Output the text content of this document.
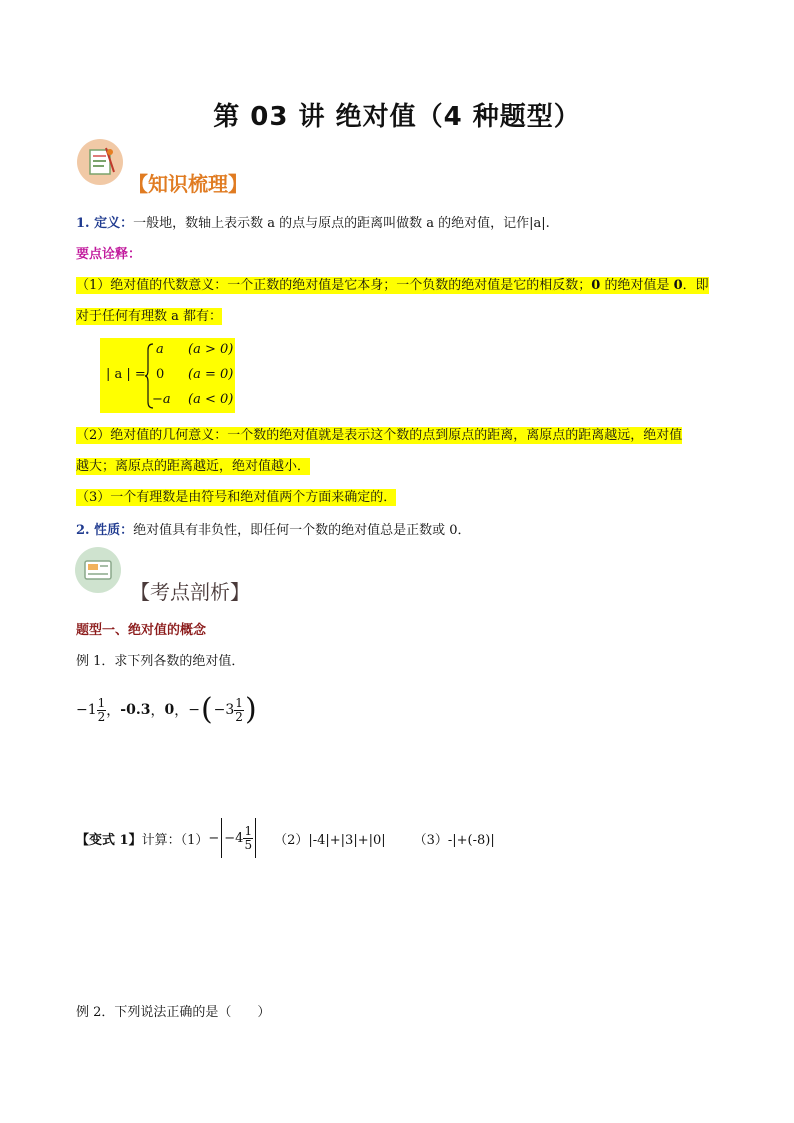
第 03 讲 绝对值（4 种题型）
【知识梳理】
1. 定义：一般地，数轴上表示数 a 的点与原点的距离叫做数 a 的绝对值，记作|a|.
要点诠释：
（1）绝对值的代数意义：一个正数的绝对值是它本身；一个负数的绝对值是它的相反数；0 的绝对值是 0．即
对于任何有理数 a 都有：
| a | =
a (a > 0)
0 (a = 0)
−a (a < 0)
（2）绝对值的几何意义：一个数的绝对值就是表示这个数的点到原点的距离，离原点的距离越远，绝对值
越大；离原点的距离越近，绝对值越小．
（3）一个有理数是由符号和绝对值两个方面来确定的．
2. 性质：绝对值具有非负性，即任何一个数的绝对值总是正数或 0．
【考点剖析】
题型一、绝对值的概念
例 1．求下列各数的绝对值．
$-1 \frac{1}{2}$ ， -0.3 ， 0 ， − ( $-3 \frac{1}{2}$ )
【变式 1】 计算：$(1) - -4 \frac{1}{5} (2)|-4|+|3|+|0|$ （3）-|+(-8)|
例 2．下列说法正确的是（　　）
